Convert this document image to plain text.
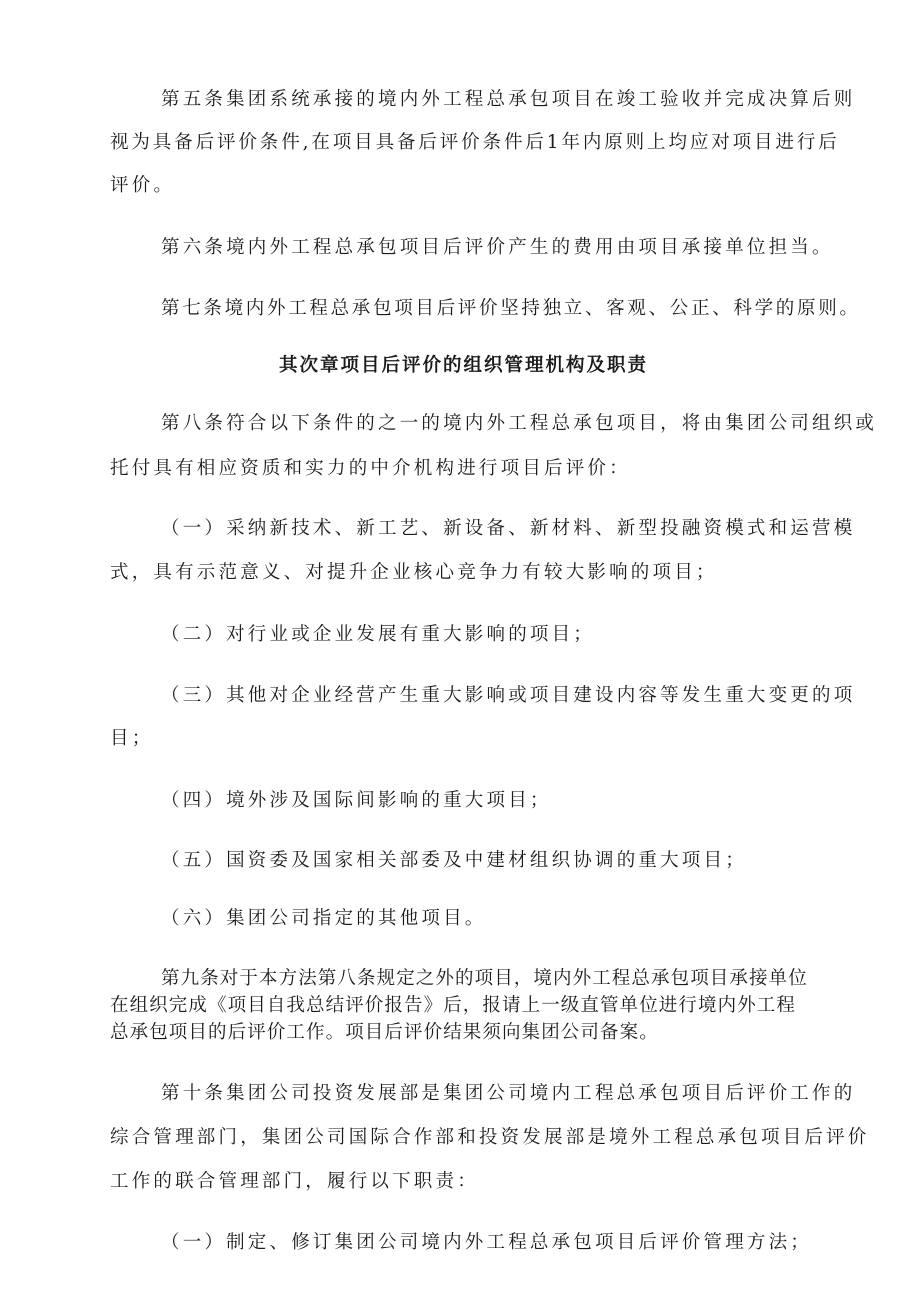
第五条集团系统承接的境内外工程总承包项目在竣工验收并完成决算后则
视为具备后评价条件,在项目具备后评价条件后1年内原则上均应对项目进行后
评价。
第六条境内外工程总承包项目后评价产生的费用由项目承接单位担当。
第七条境内外工程总承包项目后评价坚持独立、客观、公正、科学的原则。
其次章项目后评价的组织管理机构及职责
第八条符合以下条件的之一的境内外工程总承包项目，将由集团公司组织或
托付具有相应资质和实力的中介机构进行项目后评价：
（一）采纳新技术、新工艺、新设备、新材料、新型投融资模式和运营模
式，具有示范意义、对提升企业核心竞争力有较大影响的项目；
（二）对行业或企业发展有重大影响的项目；
（三）其他对企业经营产生重大影响或项目建设内容等发生重大变更的项
目；
（四）境外涉及国际间影响的重大项目；
（五）国资委及国家相关部委及中建材组织协调的重大项目；
（六）集团公司指定的其他项目。
第九条对于本方法第八条规定之外的项目，境内外工程总承包项目承接单位
在组织完成《项目自我总结评价报告》后，报请上一级直管单位进行境内外工程
总承包项目的后评价工作。项目后评价结果须向集团公司备案。
第十条集团公司投资发展部是集团公司境内工程总承包项目后评价工作的
综合管理部门，集团公司国际合作部和投资发展部是境外工程总承包项目后评价
工作的联合管理部门，履行以下职责：
（一）制定、修订集团公司境内外工程总承包项目后评价管理方法；
